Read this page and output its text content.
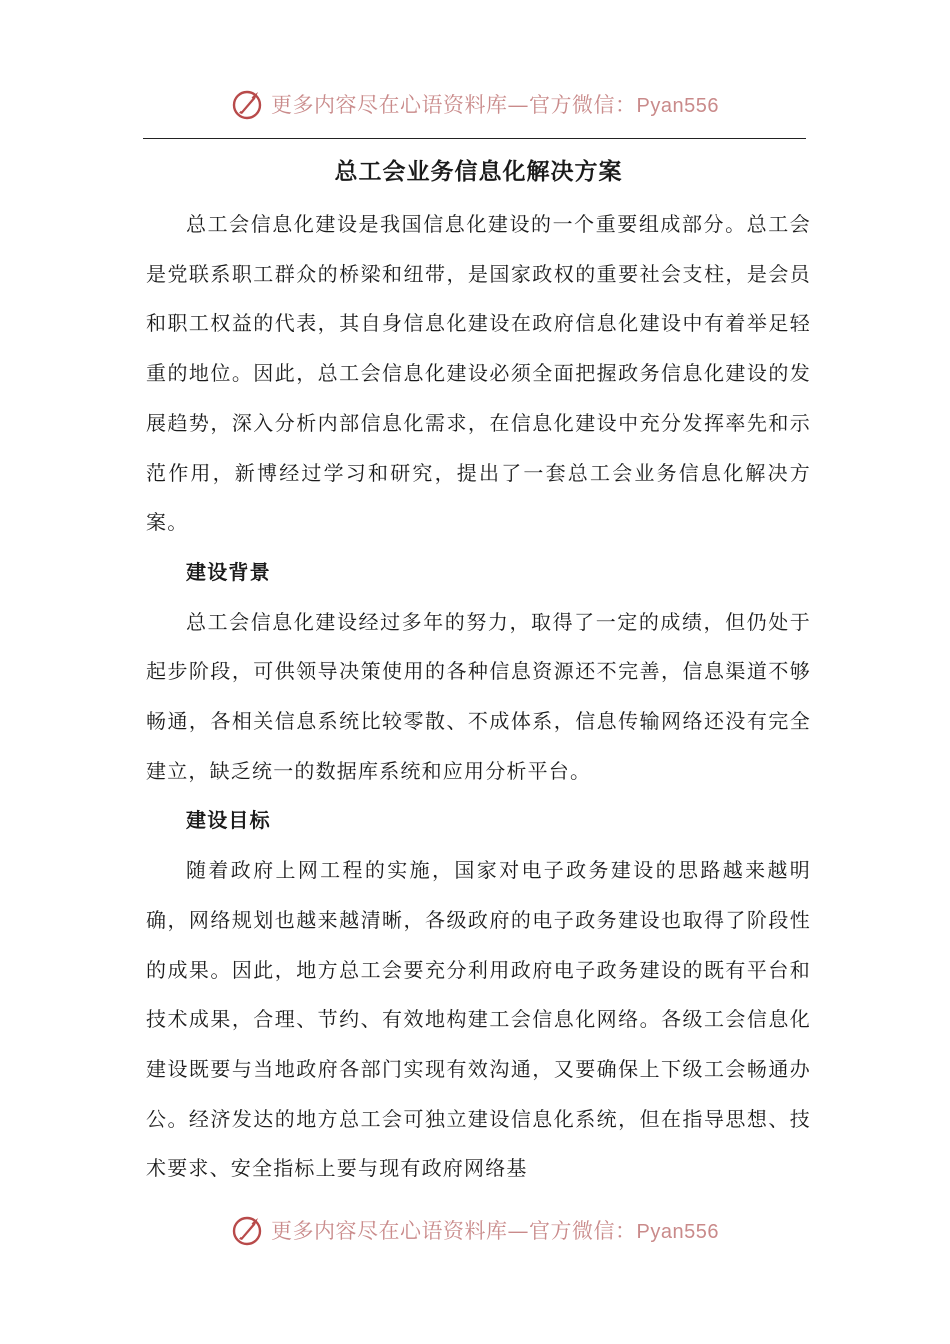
更多内容尽在心语资料库—官方微信：Pyan556
总工会业务信息化解决方案

总工会信息化建设是我国信息化建设的一个重要组成部分。总工会是党联系职工群众的桥梁和纽带，是国家政权的重要社会支柱，是会员和职工权益的代表，其自身信息化建设在政府信息化建设中有着举足轻重的地位。因此，总工会信息化建设必须全面把握政务信息化建设的发展趋势，深入分析内部信息化需求，在信息化建设中充分发挥率先和示范作用，新博经过学习和研究，提出了一套总工会业务信息化解决方案。

建设背景

总工会信息化建设经过多年的努力，取得了一定的成绩，但仍处于起步阶段，可供领导决策使用的各种信息资源还不完善，信息渠道不够畅通，各相关信息系统比较零散、不成体系，信息传输网络还没有完全建立，缺乏统一的数据库系统和应用分析平台。

建设目标

随着政府上网工程的实施，国家对电子政务建设的思路越来越明确，网络规划也越来越清晰，各级政府的电子政务建设也取得了阶段性的成果。因此，地方总工会要充分利用政府电子政务建设的既有平台和技术成果，合理、节约、有效地构建工会信息化网络。各级工会信息化建设既要与当地政府各部门实现有效沟通，又要确保上下级工会畅通办公。经济发达的地方总工会可独立建设信息化系统，但在指导思想、技术要求、安全指标上要与现有政府网络基

更多内容尽在心语资料库—官方微信：Pyan556
